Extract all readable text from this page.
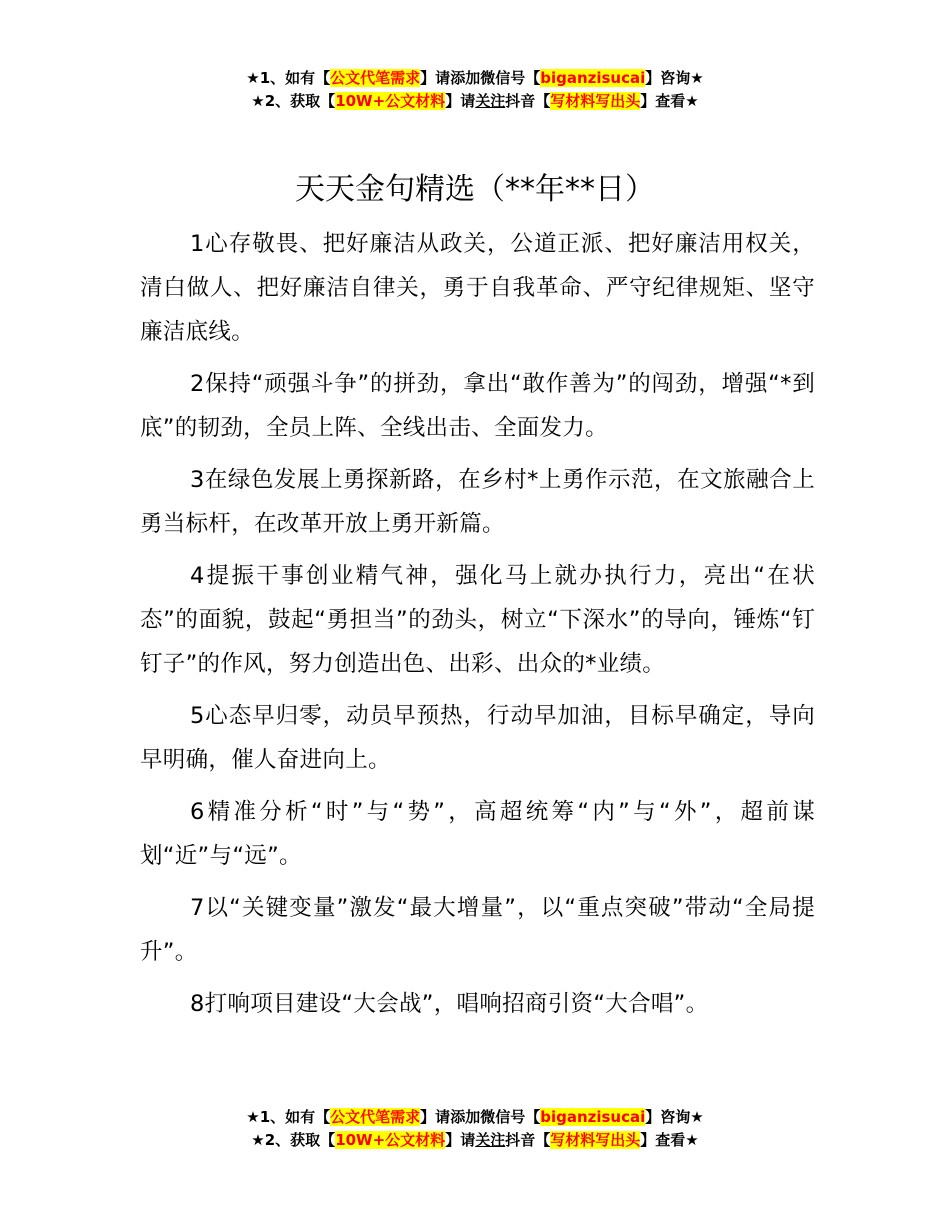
★1、如有【公文代笔需求】请添加微信号【biganzisucai】咨询★
★2、获取【10W+公文材料】请关注抖音【写材料写出头】查看★
天天金句精选（**年**日）

1心存敬畏、把好廉洁从政关，公道正派、把好廉洁用权关，清白做人、把好廉洁自律关，勇于自我革命、严守纪律规矩、坚守廉洁底线。

2保持“顽强斗争”的拼劲，拿出“敢作善为”的闯劲，增强“*到底”的韧劲，全员上阵、全线出击、全面发力。

3在绿色发展上勇探新路，在乡村*上勇作示范，在文旅融合上勇当标杆，在改革开放上勇开新篇。

4提振干事创业精气神，强化马上就办执行力，亮出“在状态”的面貌，鼓起“勇担当”的劲头，树立“下深水”的导向，锤炼“钉钉子”的作风，努力创造出色、出彩、出众的*业绩。

5心态早归零，动员早预热，行动早加油，目标早确定，导向早明确，催人奋进向上。

6精准分析“时”与“势”，高超统筹“内”与“外”，超前谋划“近”与“远”。

7以“关键变量”激发“最大增量”，以“重点突破”带动“全局提升”。

8打响项目建设“大会战”，唱响招商引资“大合唱”。

★1、如有【公文代笔需求】请添加微信号【biganzisucai】咨询★
★2、获取【10W+公文材料】请关注抖音【写材料写出头】查看★
